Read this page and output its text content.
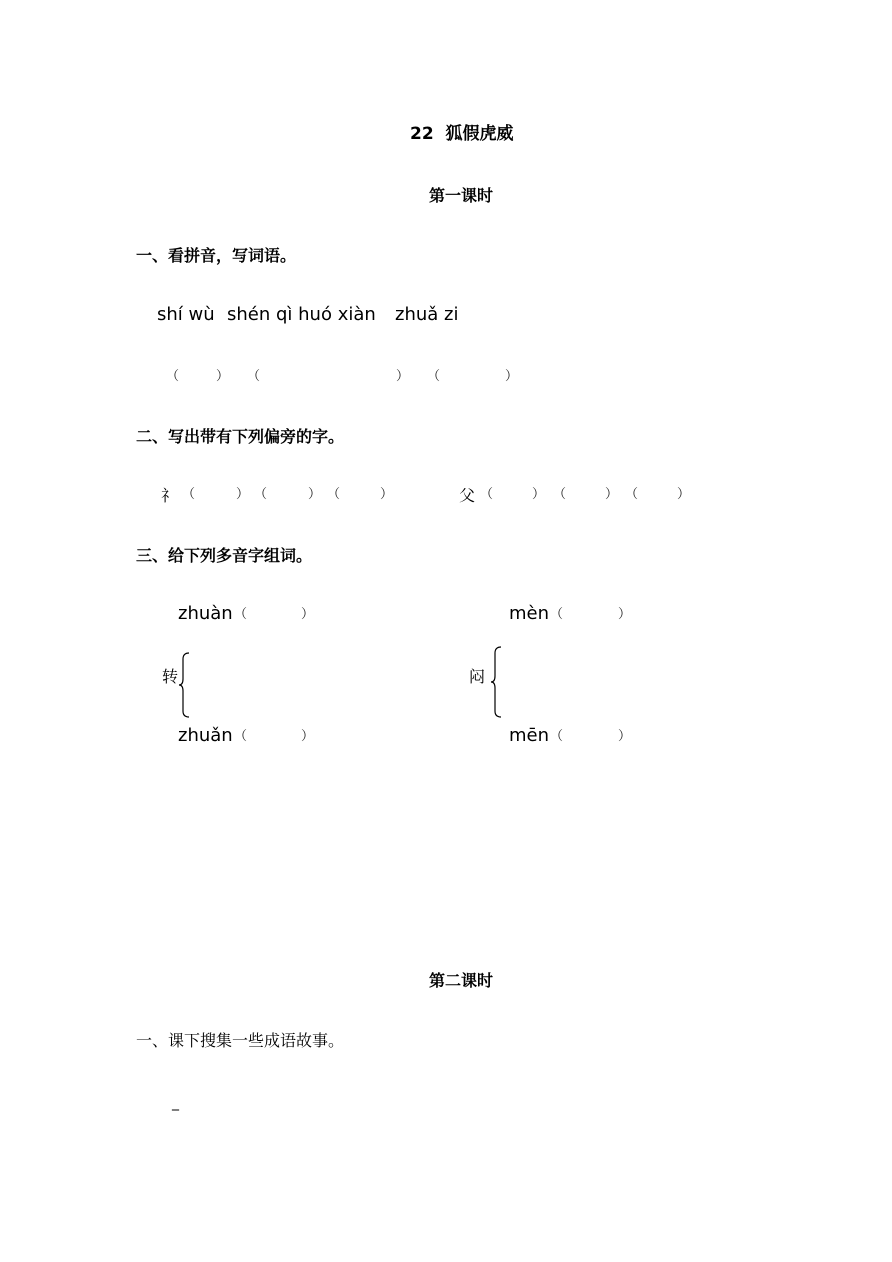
22  狐假虎威
第一课时
一、看拼音，写词语。
shí wù shén qì huó xiàn zhuǎ zi
（	） （	） （	）
二、写出带有下列偏旁的字。
礻 （	） （	） （	）	父 （	） （	） （	）
三、给下列多音字组词。
zhuàn （	）

转
zhuǎn （	）
mèn （	）

闷
mēn （	）
第二课时
一、课下搜集一些成语故事。
_
